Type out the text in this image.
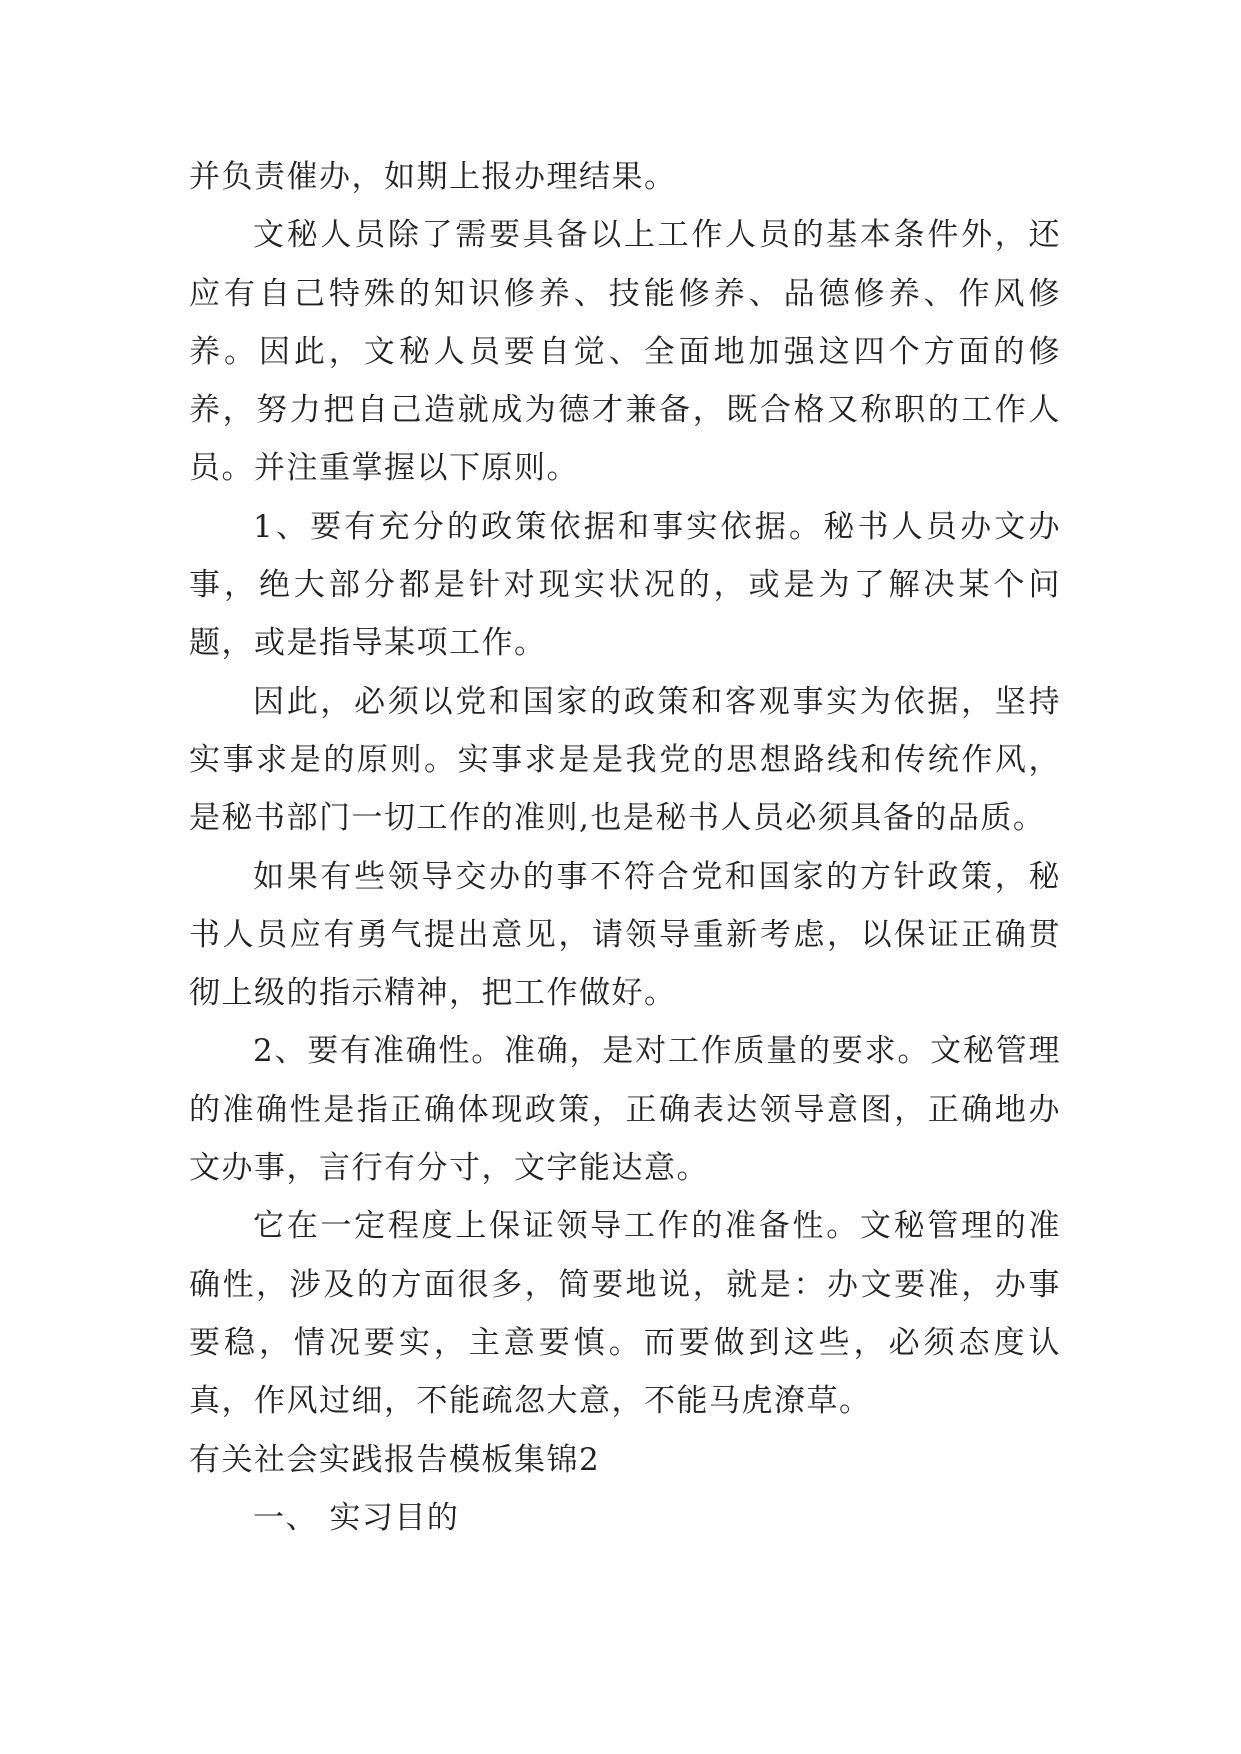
并负责催办，如期上报办理结果。

文秘人员除了需要具备以上工作人员的基本条件外，还应有自己特殊的知识修养、技能修养、品德修养、作风修养。因此，文秘人员要自觉、全面地加强这四个方面的修养，努力把自己造就成为德才兼备，既合格又称职的工作人员。并注重掌握以下原则。

1、要有充分的政策依据和事实依据。秘书人员办文办事，绝大部分都是针对现实状况的，或是为了解决某个问题，或是指导某项工作。

因此，必须以党和国家的政策和客观事实为依据，坚持实事求是的原则。实事求是是我党的思想路线和传统作风，是秘书部门一切工作的准则,也是秘书人员必须具备的品质。

如果有些领导交办的事不符合党和国家的方针政策，秘书人员应有勇气提出意见，请领导重新考虑，以保证正确贯彻上级的指示精神，把工作做好。

2、要有准确性。准确，是对工作质量的要求。文秘管理的准确性是指正确体现政策，正确表达领导意图，正确地办文办事，言行有分寸，文字能达意。

它在一定程度上保证领导工作的准备性。文秘管理的准确性，涉及的方面很多，简要地说，就是：办文要准，办事要稳，情况要实，主意要慎。而要做到这些，必须态度认真，作风过细，不能疏忽大意，不能马虎潦草。

有关社会实践报告模板集锦2

一、 实习目的
